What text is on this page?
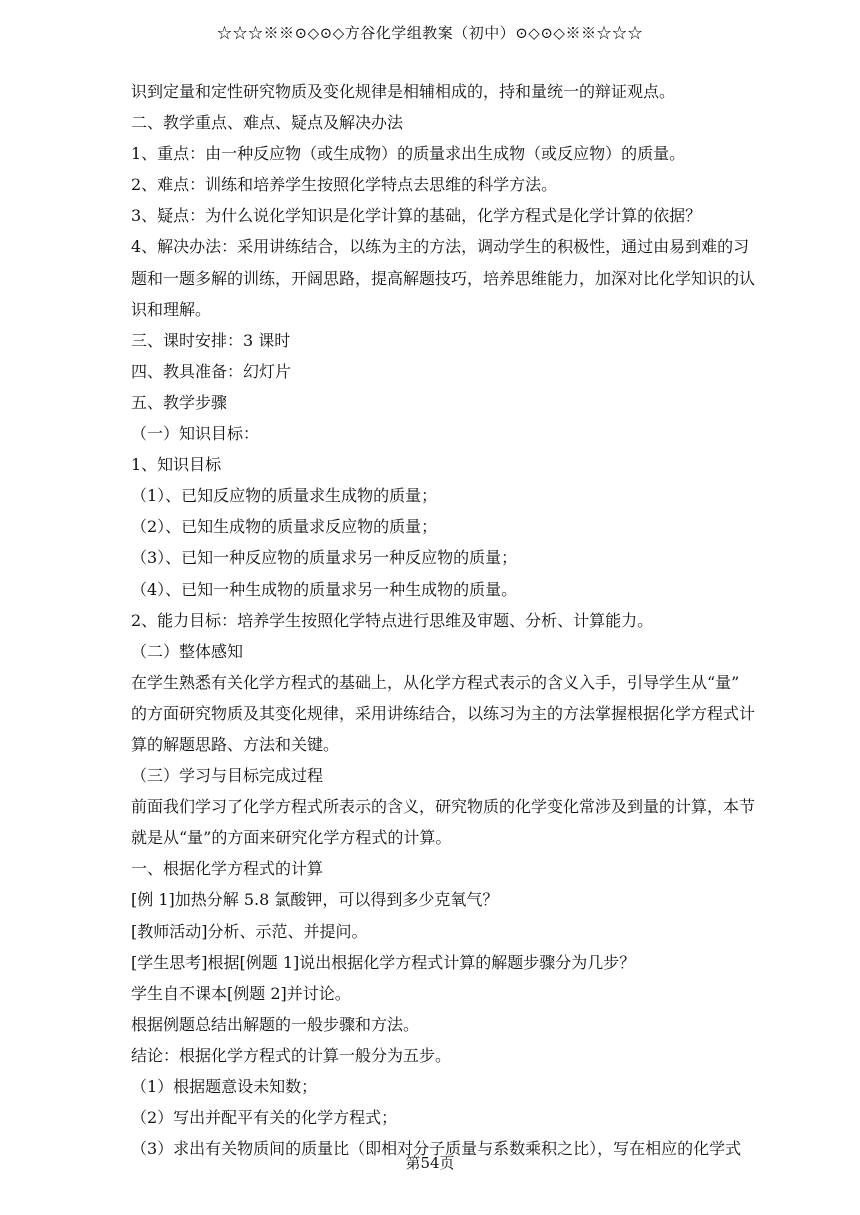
☆☆☆※※⊙◇⊙◇方谷化学组教案（初中）⊙◇⊙◇※※☆☆☆
识到定量和定性研究物质及变化规律是相辅相成的，持和量统一的辩证观点。
二、教学重点、难点、疑点及解决办法
1、重点：由一种反应物（或生成物）的质量求出生成物（或反应物）的质量。
2、难点：训练和培养学生按照化学特点去思维的科学方法。
3、疑点：为什么说化学知识是化学计算的基础，化学方程式是化学计算的依据？
4、解决办法：采用讲练结合，以练为主的方法，调动学生的积极性，通过由易到难的习
题和一题多解的训练，开阔思路，提高解题技巧，培养思维能力，加深对比化学知识的认
识和理解。
三、课时安排：3 课时
四、教具准备：幻灯片
五、教学步骤
（一）知识目标：
1、知识目标
（1）、已知反应物的质量求生成物的质量；
（2）、已知生成物的质量求反应物的质量；
（3）、已知一种反应物的质量求另一种反应物的质量；
（4）、已知一种生成物的质量求另一种生成物的质量。
2、能力目标：培养学生按照化学特点进行思维及审题、分析、计算能力。
（二）整体感知
在学生熟悉有关化学方程式的基础上，从化学方程式表示的含义入手，引导学生从“量”
的方面研究物质及其变化规律，采用讲练结合，以练习为主的方法掌握根据化学方程式计
算的解题思路、方法和关键。
（三）学习与目标完成过程
前面我们学习了化学方程式所表示的含义，研究物质的化学变化常涉及到量的计算，本节
就是从“量”的方面来研究化学方程式的计算。
一、根据化学方程式的计算
[例 1]加热分解 5.8 氯酸钾，可以得到多少克氧气？
[教师活动]分析、示范、并提问。
[学生思考]根据[例题 1]说出根据化学方程式计算的解题步骤分为几步？
学生自不课本[例题 2]并讨论。
根据例题总结出解题的一般步骤和方法。
结论：根据化学方程式的计算一般分为五步。
（1）根据题意设未知数；
（2）写出并配平有关的化学方程式；
（3）求出有关物质间的质量比（即相对分子质量与系数乘积之比），写在相应的化学式
第54页
